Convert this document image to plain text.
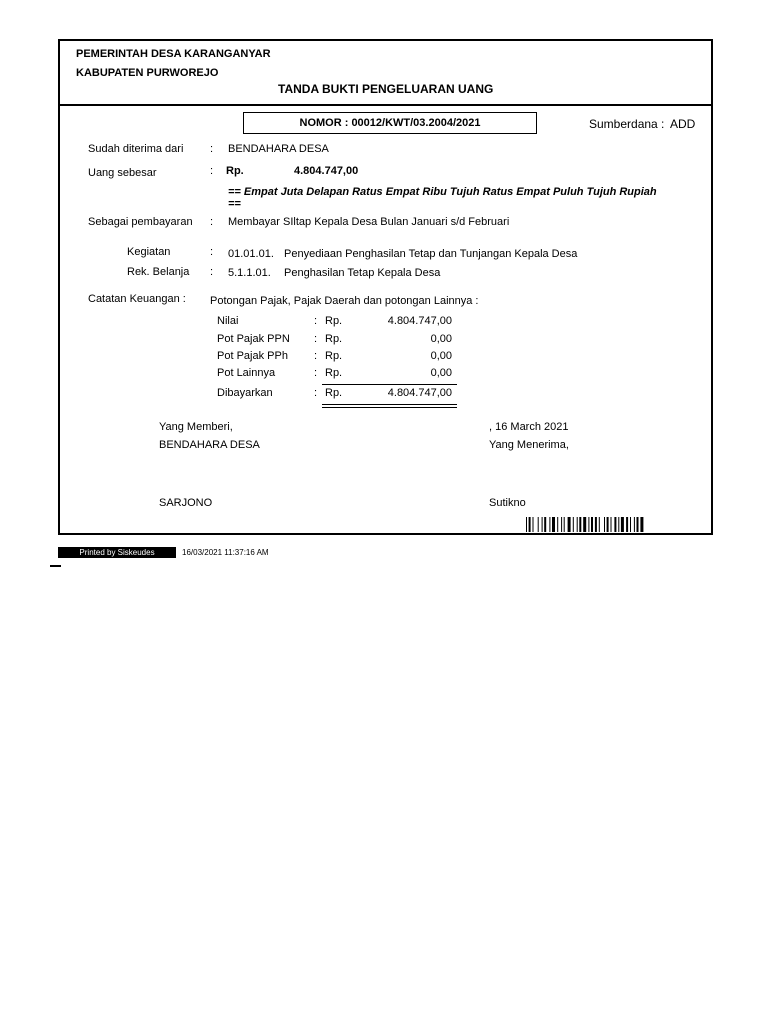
PEMERINTAH DESA KARANGANYAR
KABUPATEN PURWOREJO
TANDA BUKTI PENGELUARAN UANG
NOMOR : 00012/KWT/03.2004/2021	Sumberdana : ADD
Sudah diterima dari : BENDAHARA DESA
Uang sebesar	: Rp.	4.804.747,00
== Empat Juta Delapan Ratus Empat Ribu Tujuh Ratus Empat Puluh Tujuh Rupiah ==
Sebagai pembayaran : Membayar SIltap Kepala Desa Bulan Januari s/d Februari
Kegiatan	: 01.01.01. Penyediaan Penghasilan Tetap dan Tunjangan Kepala Desa
Rek. Belanja : 5.1.1.01. Penghasilan Tetap Kepala Desa
Catatan Keuangan : Potongan Pajak, Pajak Daerah dan potongan Lainnya :
Nilai	: Rp.	4.804.747,00
Pot Pajak PPN : Rp.	0,00
Pot Pajak PPh : Rp.	0,00
Pot Lainnya	: Rp.	0,00
Dibayarkan	: Rp.	4.804.747,00
Yang Memberi,
BENDAHARA DESA
SARJONO
, 16 March 2021
Yang Menerima,
Sutikno
Printed by Siskeudes	16/03/2021 11:37:16 AM
